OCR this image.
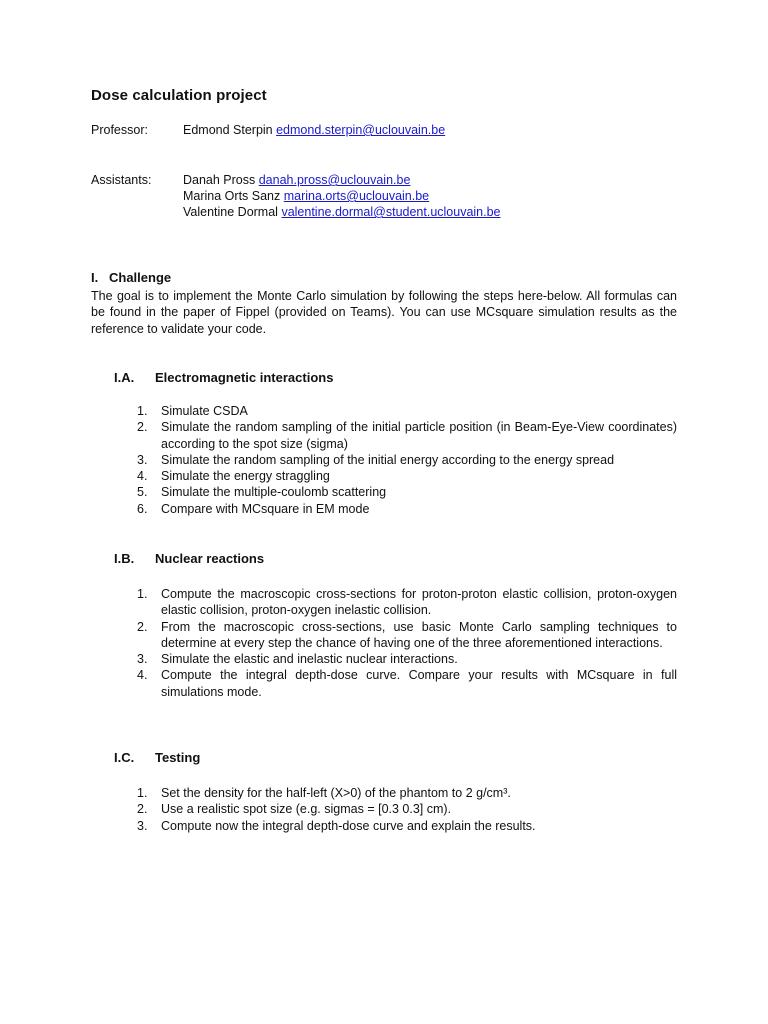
Dose calculation project
Professor:	Edmond Sterpin edmond.sterpin@uclouvain.be
Assistants:	Danah Pross danah.pross@uclouvain.be
Marina Orts Sanz marina.orts@uclouvain.be
Valentine Dormal valentine.dormal@student.uclouvain.be
I. Challenge
The goal is to implement the Monte Carlo simulation by following the steps here-below. All formulas can be found in the paper of Fippel (provided on Teams). You can use MCsquare simulation results as the reference to validate your code.
I.A. Electromagnetic interactions
1. Simulate CSDA
2. Simulate the random sampling of the initial particle position (in Beam-Eye-View coordinates) according to the spot size (sigma)
3. Simulate the random sampling of the initial energy according to the energy spread
4. Simulate the energy straggling
5. Simulate the multiple-coulomb scattering
6. Compare with MCsquare in EM mode
I.B. Nuclear reactions
1. Compute the macroscopic cross-sections for proton-proton elastic collision, proton-oxygen elastic collision, proton-oxygen inelastic collision.
2. From the macroscopic cross-sections, use basic Monte Carlo sampling techniques to determine at every step the chance of having one of the three aforementioned interactions.
3. Simulate the elastic and inelastic nuclear interactions.
4. Compute the integral depth-dose curve. Compare your results with MCsquare in full simulations mode.
I.C. Testing
1. Set the density for the half-left (X>0) of the phantom to 2 g/cm³.
2. Use a realistic spot size (e.g. sigmas = [0.3 0.3] cm).
3. Compute now the integral depth-dose curve and explain the results.
